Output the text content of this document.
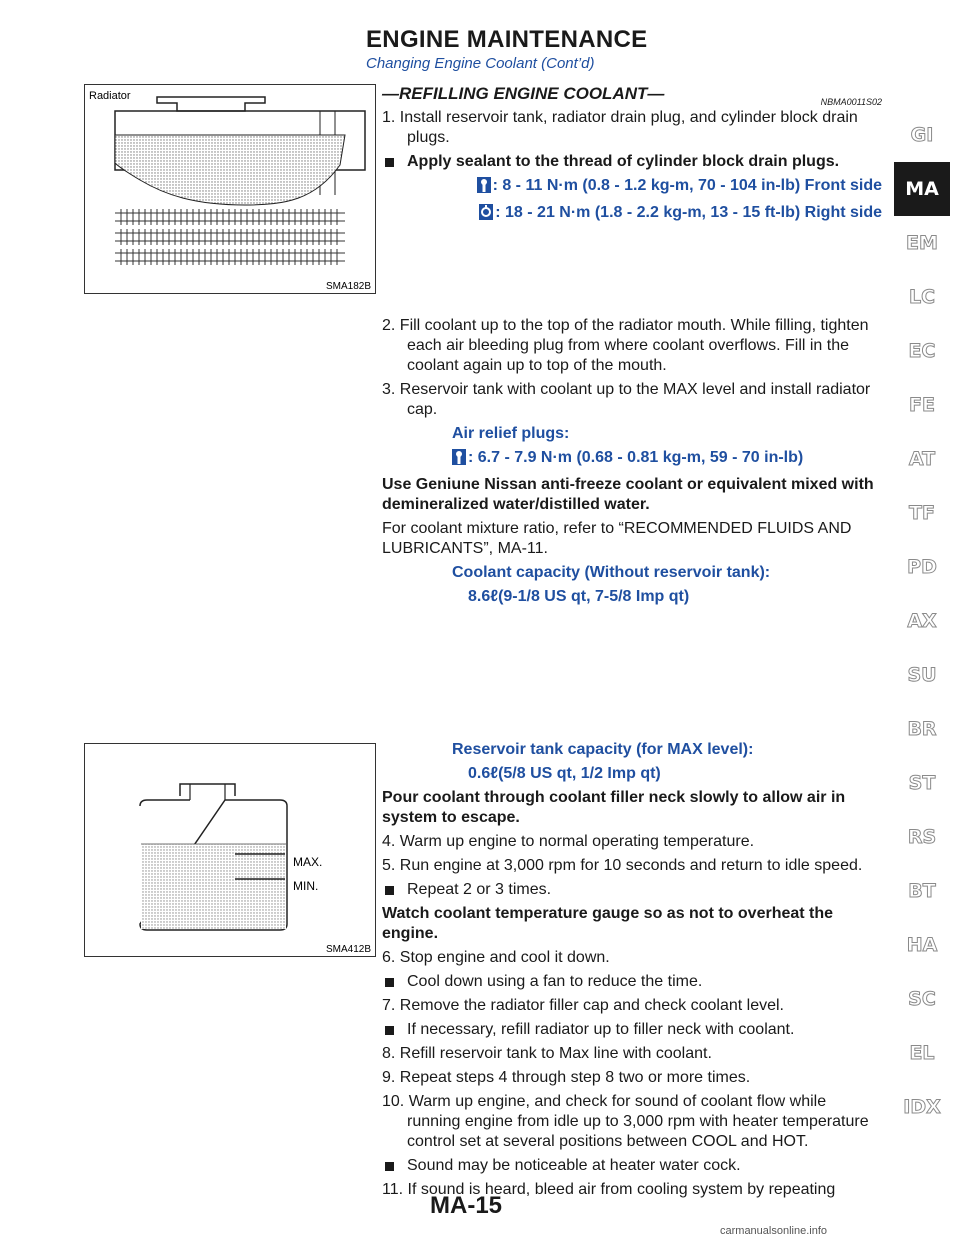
ENGINE MAINTENANCE
Changing Engine Coolant (Cont’d)
Radiator
SMA182B
MAX.
MIN.
SMA412B
—REFILLING ENGINE COOLANT—	NBMA0011S02
1. Install reservoir tank, radiator drain plug, and cylinder block drain plugs.
Apply sealant to the thread of cylinder block drain plugs.
: 8 - 11 N·m (0.8 - 1.2 kg-m, 70 - 104 in-lb) Front side
: 18 - 21 N·m (1.8 - 2.2 kg-m, 13 - 15 ft-lb) Right side
2. Fill coolant up to the top of the radiator mouth. While filling, tighten each air bleeding plug from where coolant overflows. Fill in the coolant again up to top of the mouth.
3. Reservoir tank with coolant up to the MAX level and install radiator cap.
Air relief plugs:
: 6.7 - 7.9 N·m (0.68 - 0.81 kg-m, 59 - 70 in-lb)
Use Geniune Nissan anti-freeze coolant or equivalent mixed with demineralized water/distilled water.
For coolant mixture ratio, refer to “RECOMMENDED FLUIDS AND LUBRICANTS”, MA-11.
Coolant capacity (Without reservoir tank):
8.6ℓ(9-1/8 US qt, 7-5/8 Imp qt)
Reservoir tank capacity (for MAX level):
0.6ℓ(5/8 US qt, 1/2 Imp qt)
Pour coolant through coolant filler neck slowly to allow air in system to escape.
4. Warm up engine to normal operating temperature.
5. Run engine at 3,000 rpm for 10 seconds and return to idle speed.
Repeat 2 or 3 times.
Watch coolant temperature gauge so as not to overheat the engine.
6. Stop engine and cool it down.
Cool down using a fan to reduce the time.
7. Remove the radiator filler cap and check coolant level.
If necessary, refill radiator up to filler neck with coolant.
8. Refill reservoir tank to Max line with coolant.
9. Repeat steps 4 through step 8 two or more times.
10. Warm up engine, and check for sound of coolant flow while running engine from idle up to 3,000 rpm with heater temperature control set at several positions between COOL and HOT.
Sound may be noticeable at heater water cock.
11. If sound is heard, bleed air from cooling system by repeating
GI
MA
EM
LC
EC
FE
AT
TF
PD
AX
SU
BR
ST
RS
BT
HA
SC
EL
IDX
MA-15
carmanualsonline.info
